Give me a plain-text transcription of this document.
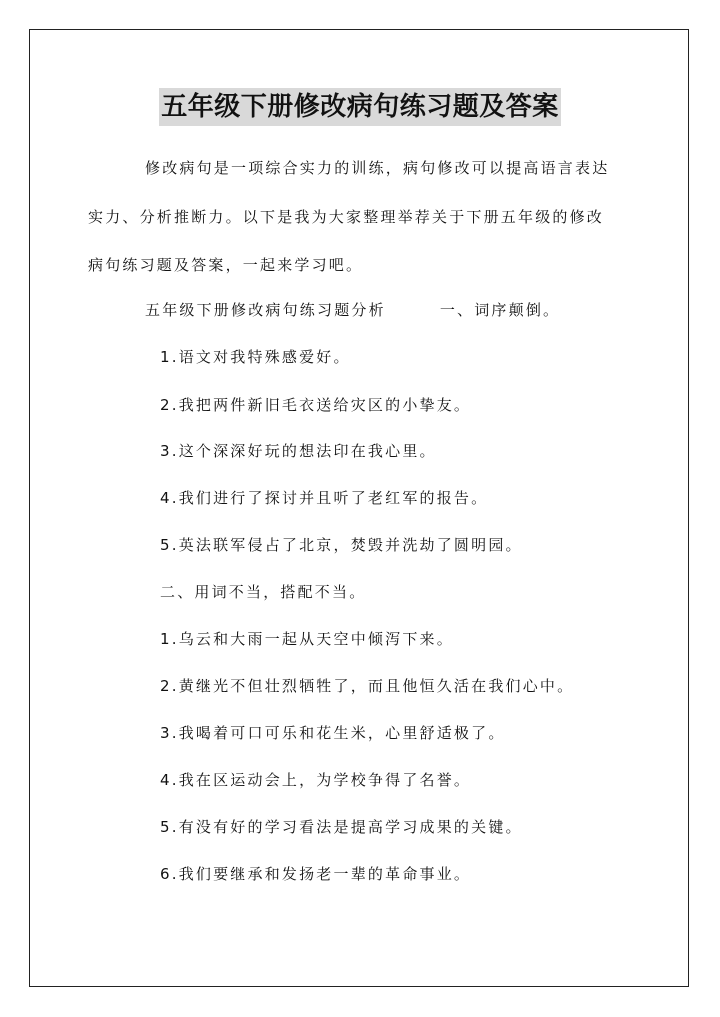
五年级下册修改病句练习题及答案
修改病句是一项综合实力的训练，病句修改可以提高语言表达
实力、分析推断力。以下是我为大家整理举荐关于下册五年级的修改
病句练习题及答案，一起来学习吧。
五年级下册修改病句练习题分析	一、词序颠倒。
1.语文对我特殊感爱好。
2.我把两件新旧毛衣送给灾区的小挚友。
3.这个深深好玩的想法印在我心里。
4.我们进行了探讨并且听了老红军的报告。
5.英法联军侵占了北京，焚毁并洗劫了圆明园。
二、用词不当，搭配不当。
1.乌云和大雨一起从天空中倾泻下来。
2.黄继光不但壮烈牺牲了，而且他恒久活在我们心中。
3.我喝着可口可乐和花生米，心里舒适极了。
4.我在区运动会上，为学校争得了名誉。
5.有没有好的学习看法是提高学习成果的关键。
6.我们要继承和发扬老一辈的革命事业。
